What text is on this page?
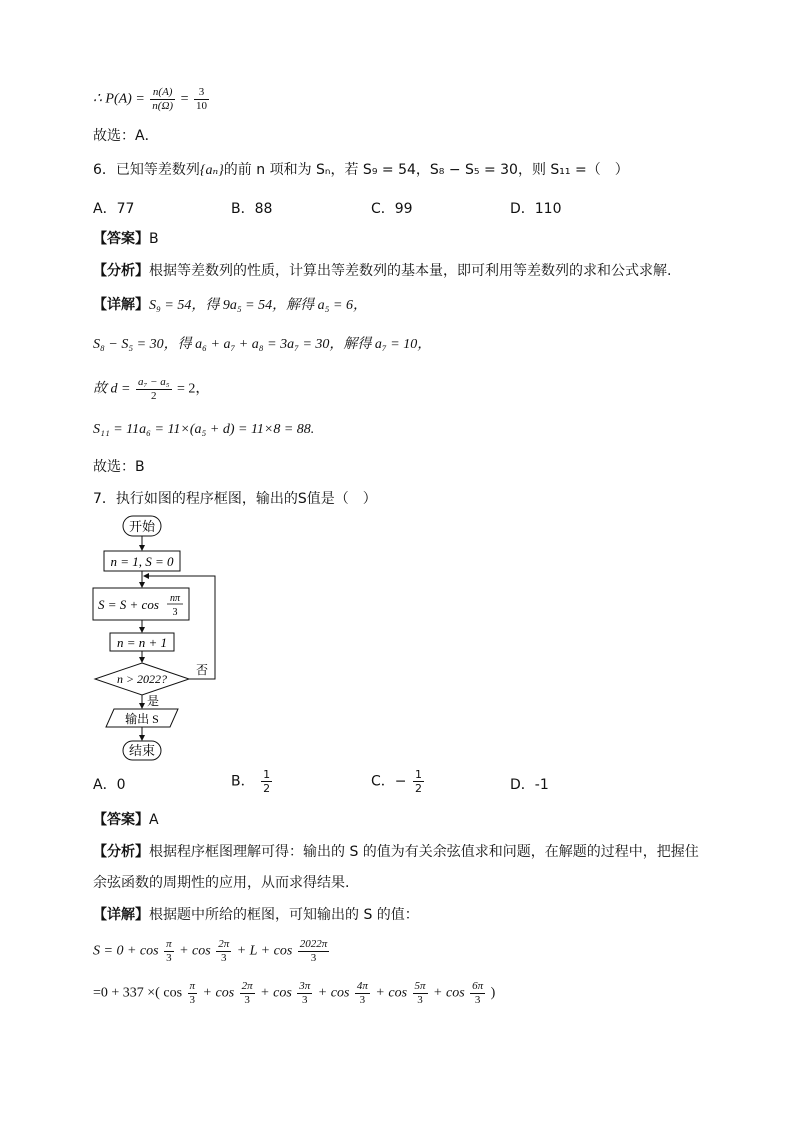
∴ $P(A) = \frac{n(A)}{n(\Omega)} = \frac{3}{10}$
故选：A．
6．已知等差数列{aₙ}的前 n 项和为 Sₙ，若 S₉ = 54，S₈ − S₅ = 30，则 S₁₁ =（　）
A．77	B．88	C．99	D．110
【答案】B
【分析】根据等差数列的性质，计算出等差数列的基本量，即可利用等差数列的求和公式求解.
【详解】S₉ = 54，得 9a₅ = 54，解得 a₅ = 6，
S₈ − S₅ = 30，得 a₆ + a₇ + a₈ = 3a₇ = 30，解得 a₇ = 10，
故 $d = \frac{\text{a₇ − a₅}}{2} = 2$，
S₁₁ = 11a₆ = 11×(a₅ + d) = 11×8 = 88.
故选：B
7．执行如图的程序框图，输出的S值是（　）
开始
n = 1, S = 0
S = S + cos nπ
3
n = n + 1
n > 2022?
否
是
输出 S
结束
A．0	B． $\frac{1}{2}$	C．− $\frac{1}{2}$	D．-1
【答案】A
【分析】根据程序框图理解可得：输出的 S 的值为有关余弦值求和问题，在解题的过程中，把握住
余弦函数的周期性的应用，从而求得结果.
【详解】根据题中所给的框图，可知输出的 S 的值：
$S = 0 + \cos \frac{\pi}{3} + \cos \frac{2\pi}{3} + L + \cos \frac{2022\pi}{3}$
=0 + 337 ×( $\cos \frac{\pi}{3} + \cos \frac{2\pi}{3} + \cos \frac{3\pi}{3} + \cos \frac{4\pi}{3} + \cos \frac{5\pi}{3} + \cos \frac{6\pi}{3}$ )
